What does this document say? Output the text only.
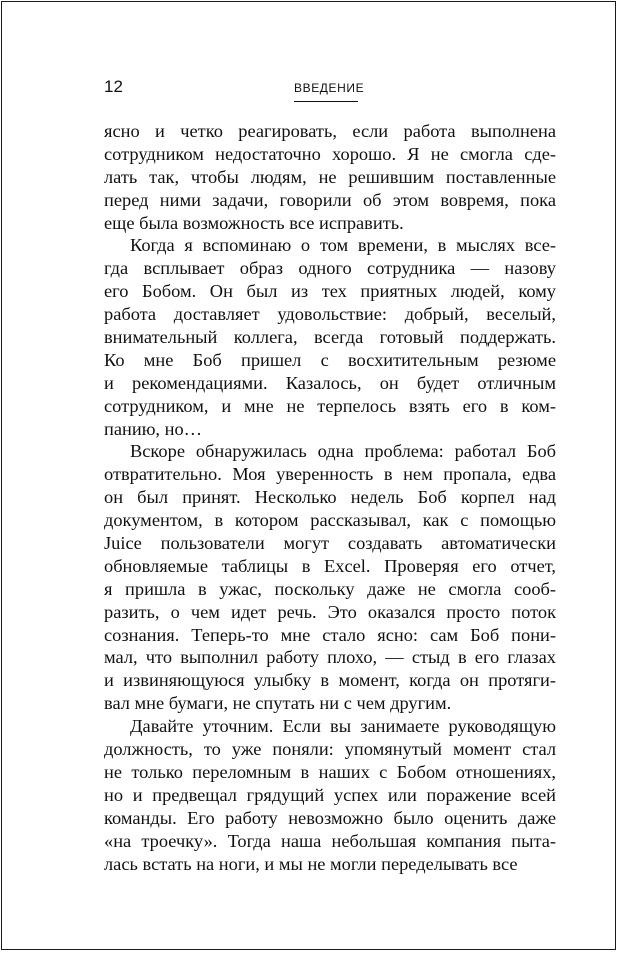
12	ВВЕДЕНИЕ
ясно и четко реагировать, если работа выполнена
сотрудником недостаточно хорошо. Я не смогла сде-
лать так, чтобы людям, не решившим поставленные
перед ними задачи, говорили об этом вовремя, пока
еще была возможность все исправить.
Когда я вспоминаю о том времени, в мыслях все-
гда всплывает образ одного сотрудника — назову
его Бобом. Он был из тех приятных людей, кому
работа доставляет удовольствие: добрый, веселый,
внимательный коллега, всегда готовый поддержать.
Ко мне Боб пришел с восхитительным резюме
и рекомендациями. Казалось, он будет отличным
сотрудником, и мне не терпелось взять его в ком-
панию, но…
Вскоре обнаружилась одна проблема: работал Боб
отвратительно. Моя уверенность в нем пропала, едва
он был принят. Несколько недель Боб корпел над
документом, в котором рассказывал, как с помощью
Juice пользователи могут создавать автоматически
обновляемые таблицы в Excel. Проверяя его отчет,
я пришла в ужас, поскольку даже не смогла сооб-
разить, о чем идет речь. Это оказался просто поток
сознания. Теперь-то мне стало ясно: сам Боб пони-
мал, что выполнил работу плохо, — стыд в его глазах
и извиняющуюся улыбку в момент, когда он протяги-
вал мне бумаги, не спутать ни с чем другим.
Давайте уточним. Если вы занимаете руководящую
должность, то уже поняли: упомянутый момент стал
не только переломным в наших с Бобом отношениях,
но и предвещал грядущий успех или поражение всей
команды. Его работу невозможно было оценить даже
«на троечку». Тогда наша небольшая компания пыта-
лась встать на ноги, и мы не могли переделывать все
